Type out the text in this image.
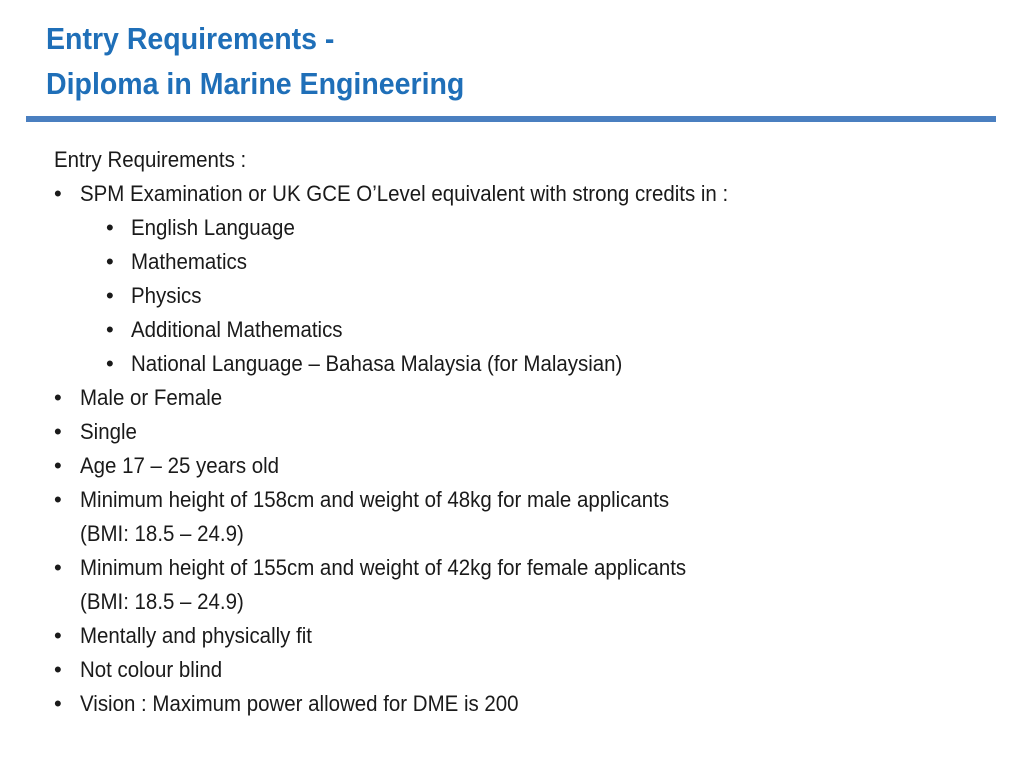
Entry Requirements -
Diploma in Marine Engineering
Entry Requirements :
• SPM Examination or UK GCE O’Level equivalent with strong credits in :
• English Language
• Mathematics
• Physics
• Additional Mathematics
• National Language – Bahasa Malaysia (for Malaysian)
• Male or Female
• Single
• Age 17 – 25 years old
• Minimum height of 158cm and weight of 48kg for male applicants
(BMI: 18.5 – 24.9)
• Minimum height of 155cm and weight of 42kg for female applicants
(BMI: 18.5 – 24.9)
• Mentally and physically fit
• Not colour blind
• Vision : Maximum power allowed for DME is 200
